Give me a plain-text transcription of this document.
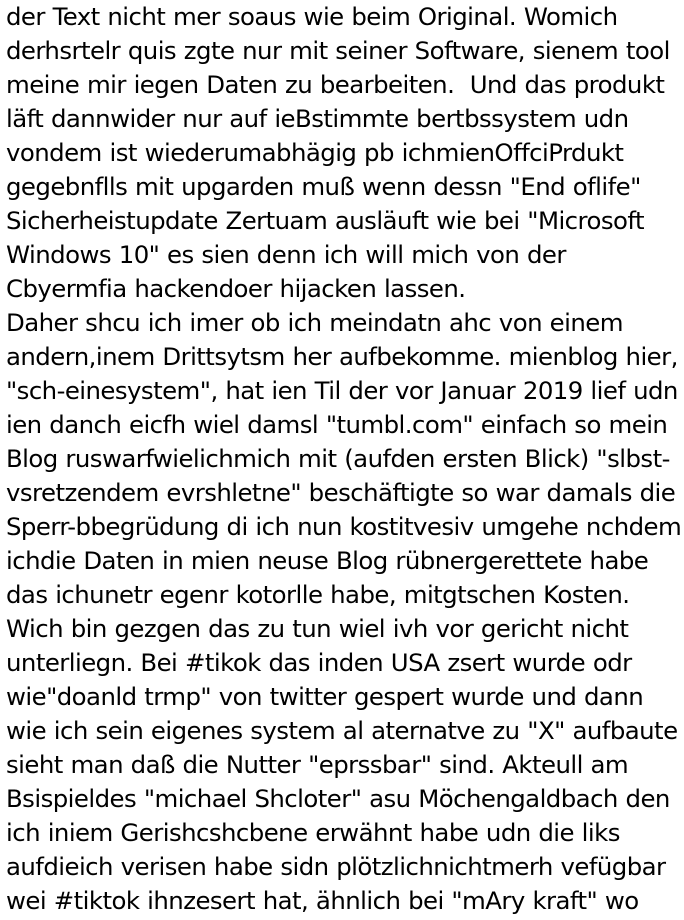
der Text nicht mer soaus wie beim Original. Womich
derhsrtelr quis zgte nur mit seiner Software, sienem tool
meine mir iegen Daten zu bearbeiten.  Und das produkt
läft dannwider nur auf ieBstimmte bertbssystem udn
vondem ist wiederumabhägig pb ichmienOffciPrdukt
gegebnflls mit upgarden muß wenn dessn "End oflife"
Sicherheistupdate Zertuam ausläuft wie bei "Microsoft
Windows 10" es sien denn ich will mich von der
Cbyermfia hackendoer hijacken lassen.
Daher shcu ich imer ob ich meindatn ahc von einem
andern,inem Drittsytsm her aufbekomme. mienblog hier,
"sch-einesystem", hat ien Til der vor Januar 2019 lief udn
ien danch eicfh wiel damsl "tumbl.com" einfach so mein
Blog ruswarfwielichmich mit (aufden ersten Blick) "slbst-
vsretzendem evrshletne" beschäftigte so war damals die
Sperr-bbegrüdung di ich nun kostitvesiv umgehe nchdem
ichdie Daten in mien neuse Blog rübnergerettete habe
das ichunetr egenr kotorlle habe, mitgtschen Kosten.
Wich bin gezgen das zu tun wiel ivh vor gericht nicht
unterliegn. Bei #tikok das inden USA zsert wurde odr
wie"doanld trmp" von twitter gespert wurde und dann
wie ich sein eigenes system al aternatve zu "X" aufbaute
sieht man daß die Nutter "eprssbar" sind. Akteull am
Bsispieldes "michael Shcloter" asu Möchengaldbach den
ich iniem Gerishcshcbene erwähnt habe udn die liks
aufdieich verisen habe sidn plötzlichnichtmerh vefügbar
wei #tiktok ihnzesert hat, ähnlich bei "mAry kraft" wo
